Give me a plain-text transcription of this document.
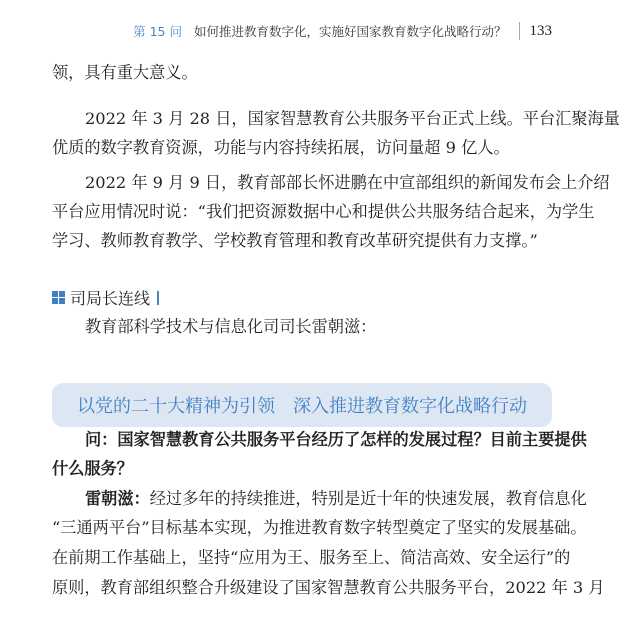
第 15 问 如何推进教育数字化，实施好国家教育数字化战略行动？ 133
领，具有重大意义。
2022 年 3 月 28 日，国家智慧教育公共服务平台正式上线。平台汇聚海量
优质的数字教育资源，功能与内容持续拓展，访问量超 9 亿人。
2022 年 9 月 9 日，教育部部长怀进鹏在中宣部组织的新闻发布会上介绍
平台应用情况时说：“我们把资源数据中心和提供公共服务结合起来，为学生
学习、教师教育教学、学校教育管理和教育改革研究提供有力支撑。”
司局长连线
教育部科学技术与信息化司司长雷朝滋：
以党的二十大精神为引领　深入推进教育数字化战略行动
问：国家智慧教育公共服务平台经历了怎样的发展过程？目前主要提供
什么服务？
雷朝滋：经过多年的持续推进，特别是近十年的快速发展，教育信息化
“三通两平台”目标基本实现，为推进教育数字转型奠定了坚实的发展基础。
在前期工作基础上，坚持“应用为王、服务至上、简洁高效、安全运行”的
原则，教育部组织整合升级建设了国家智慧教育公共服务平台，2022 年 3 月
